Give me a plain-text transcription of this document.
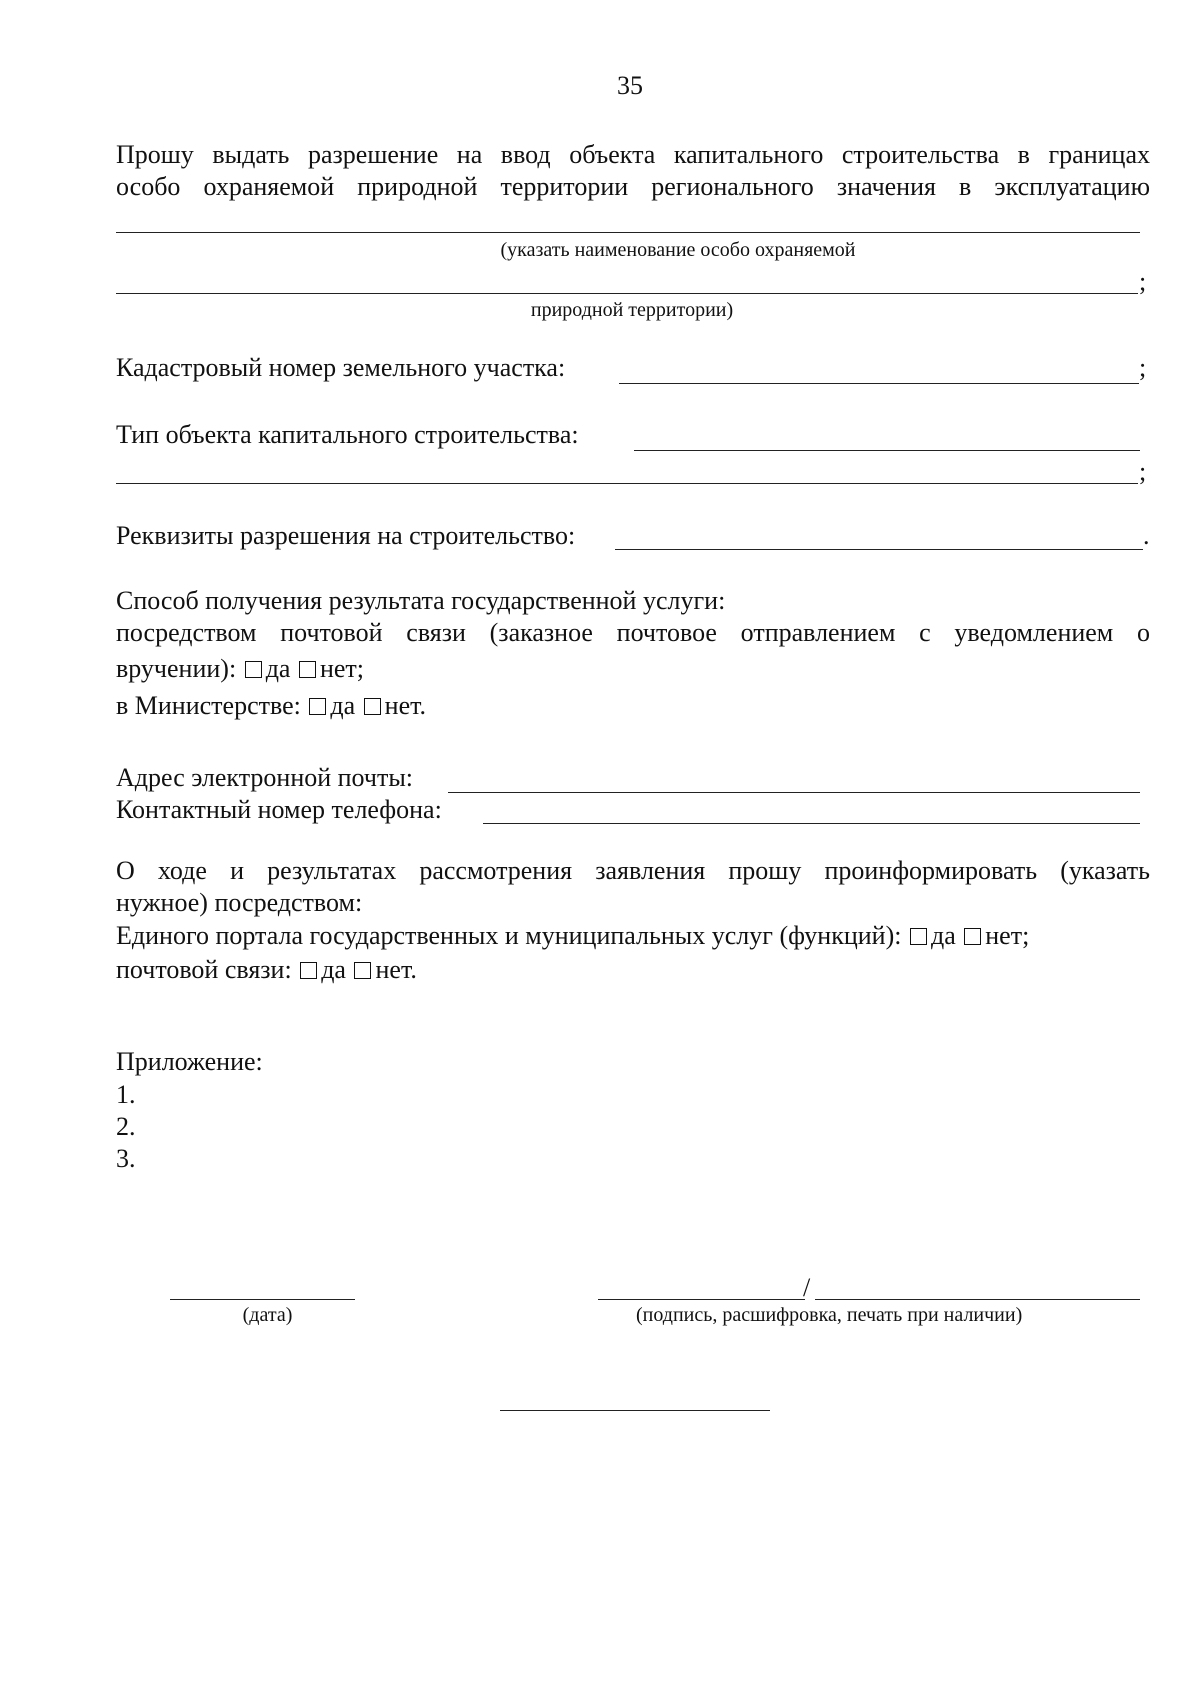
35
Прошу выдать разрешение на ввод объекта капитального строительства в границах
особо охраняемой природной территории регионального значения в эксплуатацию
(указать наименование особо охраняемой
;
природной территории)
Кадастровый номер земельного участка:	;
Тип объекта капитального строительства:
;
Реквизиты разрешения на строительство:	.
Способ получения результата государственной услуги:
посредством почтовой связи (заказное почтовое отправлением с уведомлением о
вручении): да нет;
в Министерстве: да нет.
Адрес электронной почты:
Контактный номер телефона:
О ходе и результатах рассмотрения заявления прошу проинформировать (указать
нужное) посредством:
Единого портала государственных и муниципальных услуг (функций): да нет;
почтовой связи: да нет.
Приложение:
1.
2.
3.
(дата)
/
(подпись, расшифровка, печать при наличии)
